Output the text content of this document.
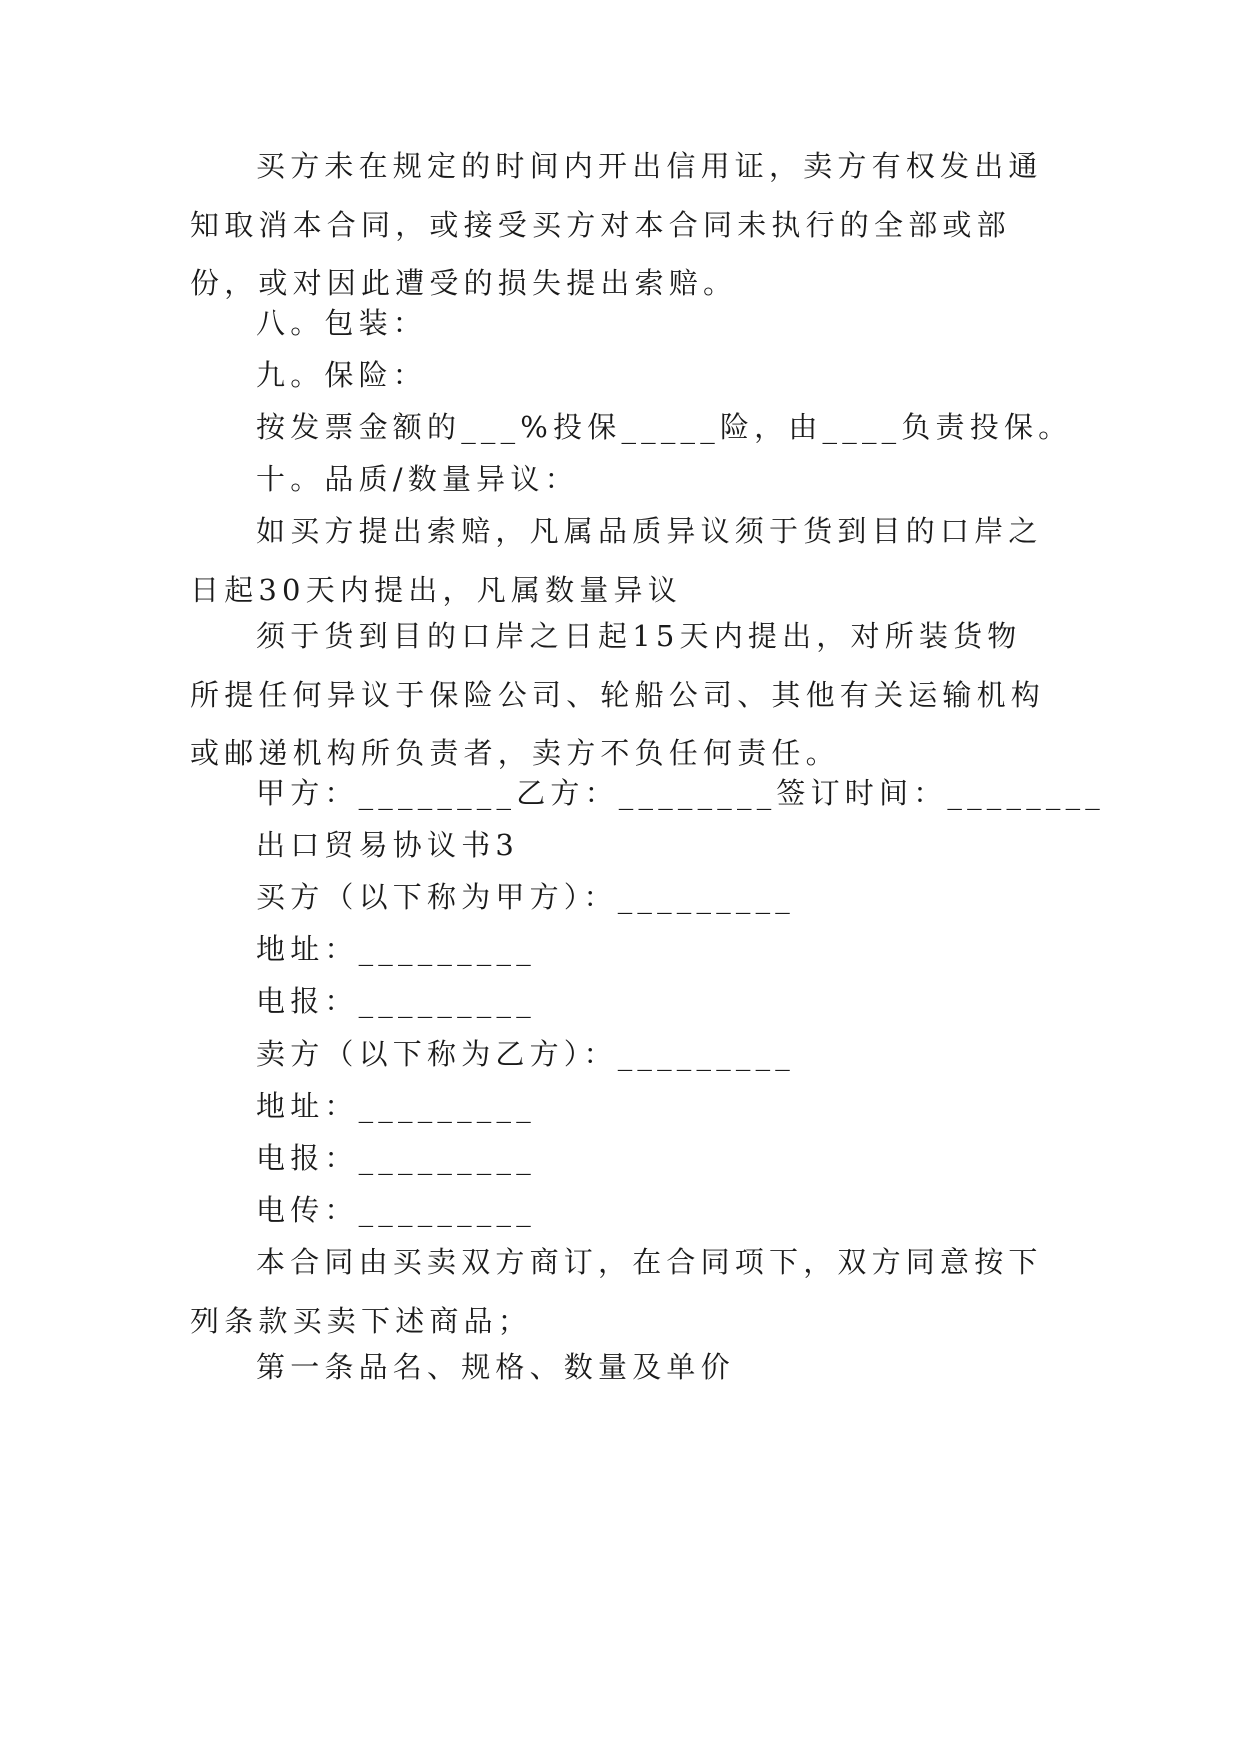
买方未在规定的时间内开出信用证，卖方有权发出通知取消本合同，或接受买方对本合同未执行的全部或部份，或对因此遭受的损失提出索赔。

八。包装：

九。保险：

按发票金额的___%投保_____险，由____负责投保。

十。品质/数量异议：

如买方提出索赔，凡属品质异议须于货到目的口岸之日起30天内提出，凡属数量异议

须于货到目的口岸之日起15天内提出，对所装货物所提任何异议于保险公司、轮船公司、其他有关运输机构或邮递机构所负责者，卖方不负任何责任。

甲方：________乙方：________签订时间：________

出口贸易协议书3

买方（以下称为甲方）：_________

地址：_________

电报：_________

卖方（以下称为乙方）：_________

地址：_________

电报：_________

电传：_________

本合同由买卖双方商订，在合同项下，双方同意按下列条款买卖下述商品；

第一条品名、规格、数量及单价
